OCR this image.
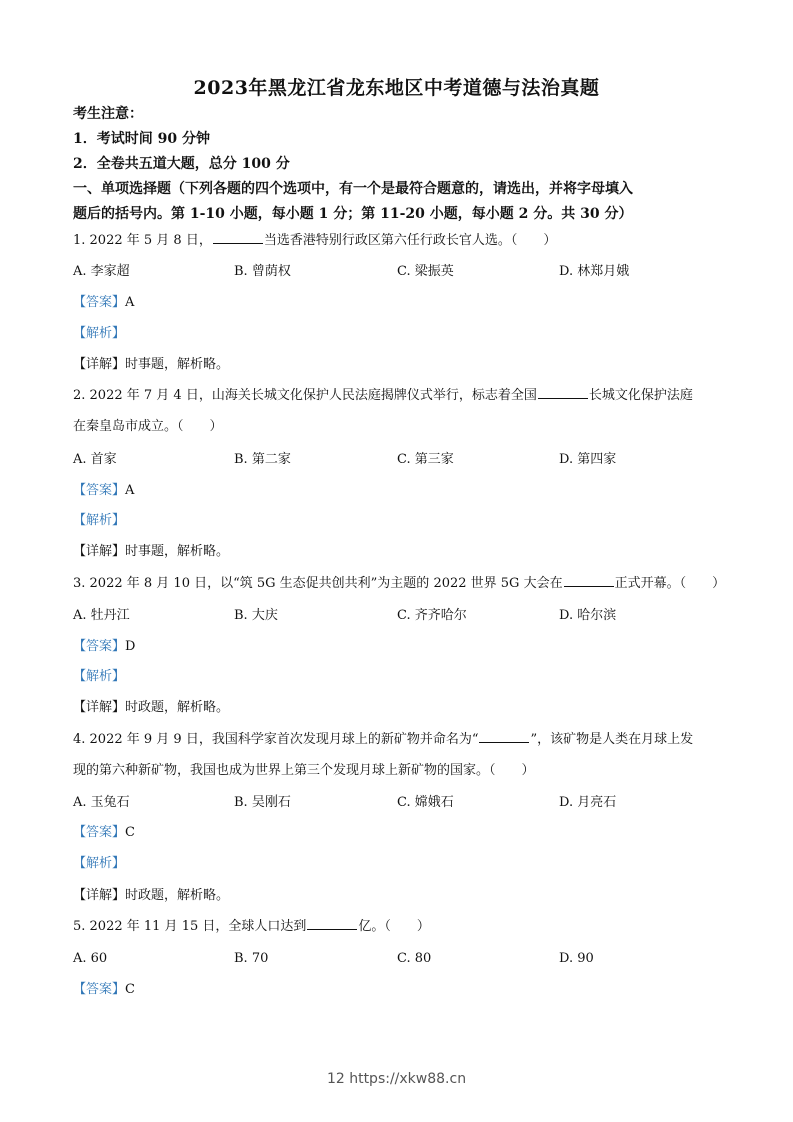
2023年黑龙江省龙东地区中考道德与法治真题
考生注意：
1．考试时间 90 分钟
2．全卷共五道大题，总分 100 分
一、单项选择题（下列各题的四个选项中，有一个是最符合题意的，请选出，并将字母填入
题后的括号内。第 1-10 小题，每小题 1 分；第 11-20 小题，每小题 2 分。共 30 分）
1. 2022 年 5 月 8 日，	当选香港特别行政区第六任行政长官人选。（　　）
A. 李家超	B. 曾荫权	C. 梁振英	D. 林郑月娥
【答案】A
【解析】
【详解】时事题，解析略。
2. 2022 年 7 月 4 日，山海关长城文化保护人民法庭揭牌仪式举行，标志着全国	长城文化保护法庭
在秦皇岛市成立。（　　）
A. 首家	B. 第二家	C. 第三家	D. 第四家
【答案】A
【解析】
【详解】时事题，解析略。
3. 2022 年 8 月 10 日，以“筑 5G 生态促共创共利”为主题的 2022 世界 5G 大会在	正式开幕。（　　）
A. 牡丹江	B. 大庆	C. 齐齐哈尔	D. 哈尔滨
【答案】D
【解析】
【详解】时政题，解析略。
4. 2022 年 9 月 9 日，我国科学家首次发现月球上的新矿物并命名为“	”，该矿物是人类在月球上发
现的第六种新矿物，我国也成为世界上第三个发现月球上新矿物的国家。（　　）
A. 玉兔石	B. 吴刚石	C. 嫦娥石	D. 月亮石
【答案】C
【解析】
【详解】时政题，解析略。
5. 2022 年 11 月 15 日，全球人口达到	亿。（　　）
A. 60	B. 70	C. 80	D. 90
【答案】C
12 https://xkw88.cn
